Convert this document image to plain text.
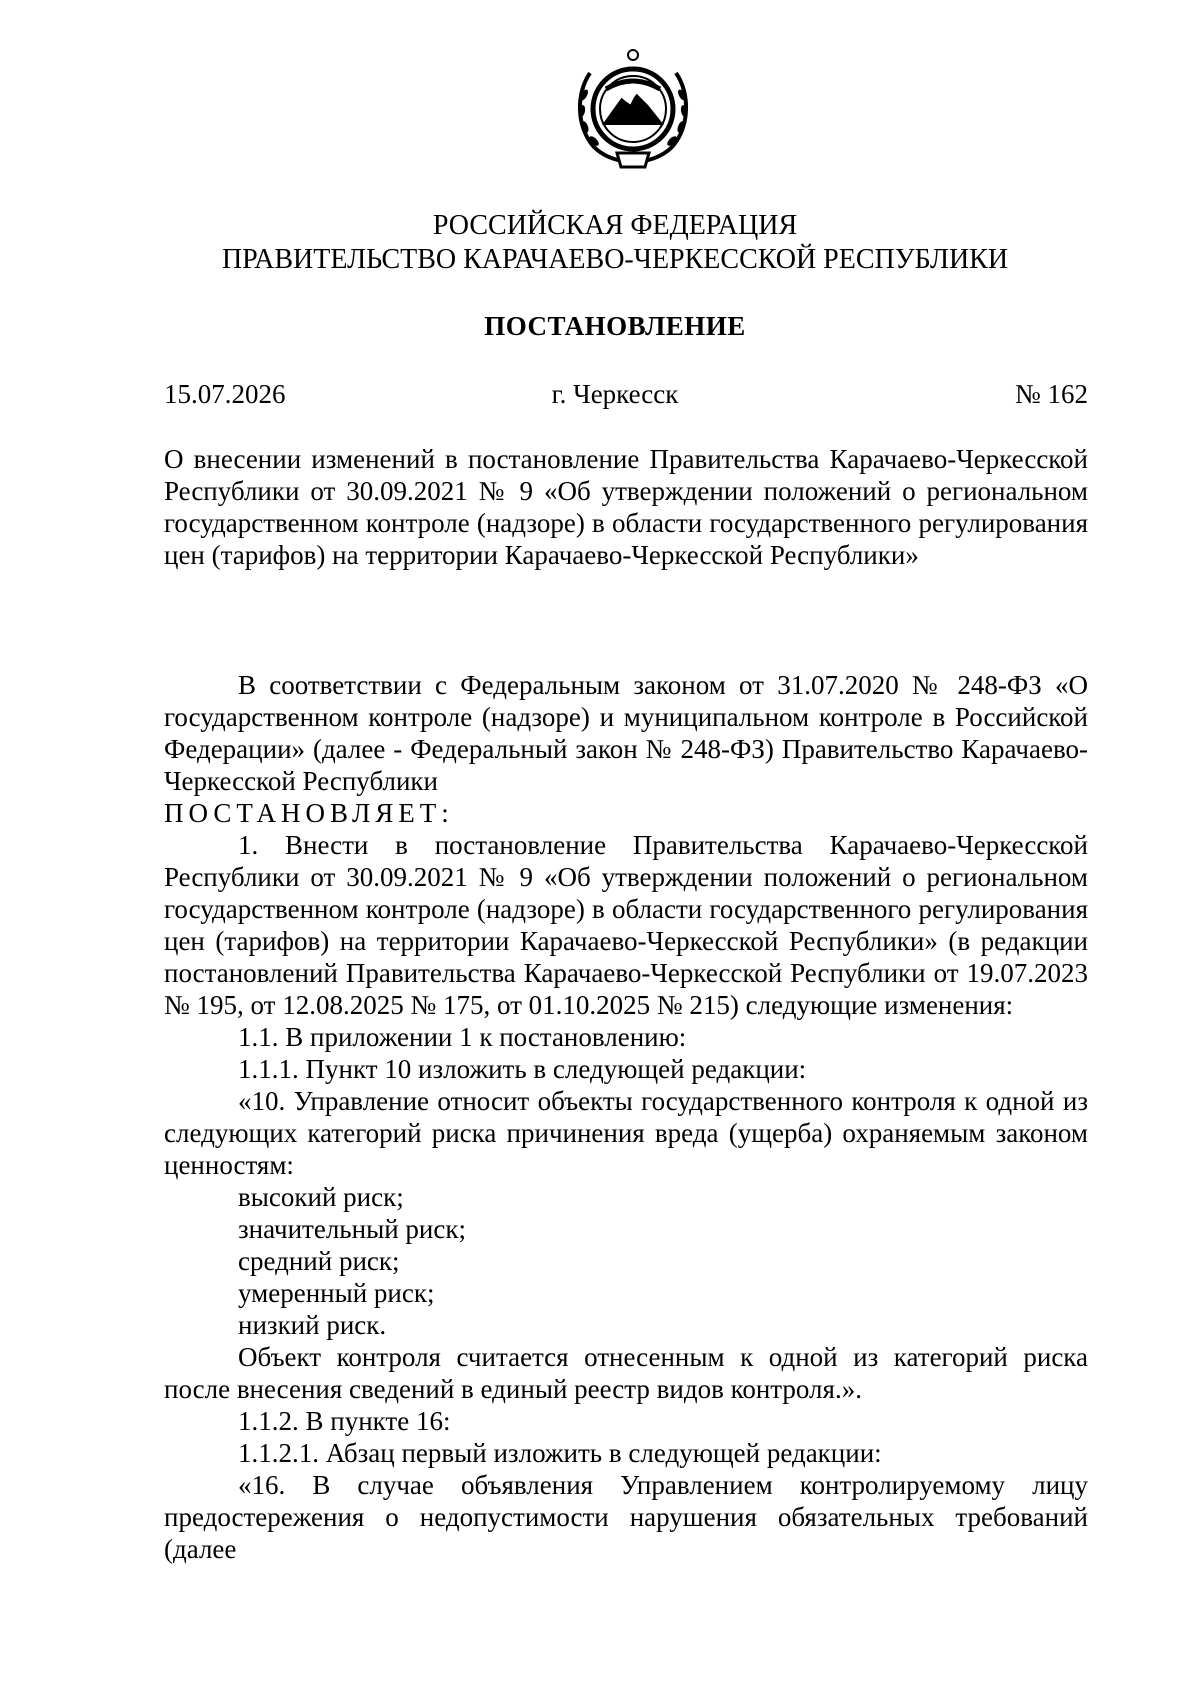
РОССИЙСКАЯ ФЕДЕРАЦИЯ
ПРАВИТЕЛЬСТВО КАРАЧАЕВО-ЧЕРКЕССКОЙ РЕСПУБЛИКИ
ПОСТАНОВЛЕНИЕ
15.07.2026	г. Черкесск	№ 162

О внесении изменений в постановление Правительства Карачаево-Черкесской Республики от 30.09.2021 № 9 «Об утверждении положений о региональном государственном контроле (надзоре) в области государственного регулирования цен (тарифов) на территории Карачаево-Черкесской Республики»

В соответствии с Федеральным законом от 31.07.2020 № 248-ФЗ «О государственном контроле (надзоре) и муниципальном контроле в Российской Федерации» (далее - Федеральный закон № 248-ФЗ) Правительство Карачаево-Черкесской Республики

ПОСТАНОВЛЯЕТ:

1. Внести в постановление Правительства Карачаево-Черкесской Республики от 30.09.2021 № 9 «Об утверждении положений о региональном государственном контроле (надзоре) в области государственного регулирования цен (тарифов) на территории Карачаево-Черкесской Республики» (в редакции постановлений Правительства Карачаево-Черкесской Республики от 19.07.2023 № 195, от 12.08.2025 № 175, от 01.10.2025 № 215) следующие изменения:

1.1. В приложении 1 к постановлению:

1.1.1. Пункт 10 изложить в следующей редакции:

«10. Управление относит объекты государственного контроля к одной из следующих категорий риска причинения вреда (ущерба) охраняемым законом ценностям:

высокий риск;

значительный риск;

средний риск;

умеренный риск;

низкий риск.

Объект контроля считается отнесенным к одной из категорий риска после внесения сведений в единый реестр видов контроля.».

1.1.2. В пункте 16:

1.1.2.1. Абзац первый изложить в следующей редакции:

«16. В случае объявления Управлением контролируемому лицу предостережения о недопустимости нарушения обязательных требований (далее
